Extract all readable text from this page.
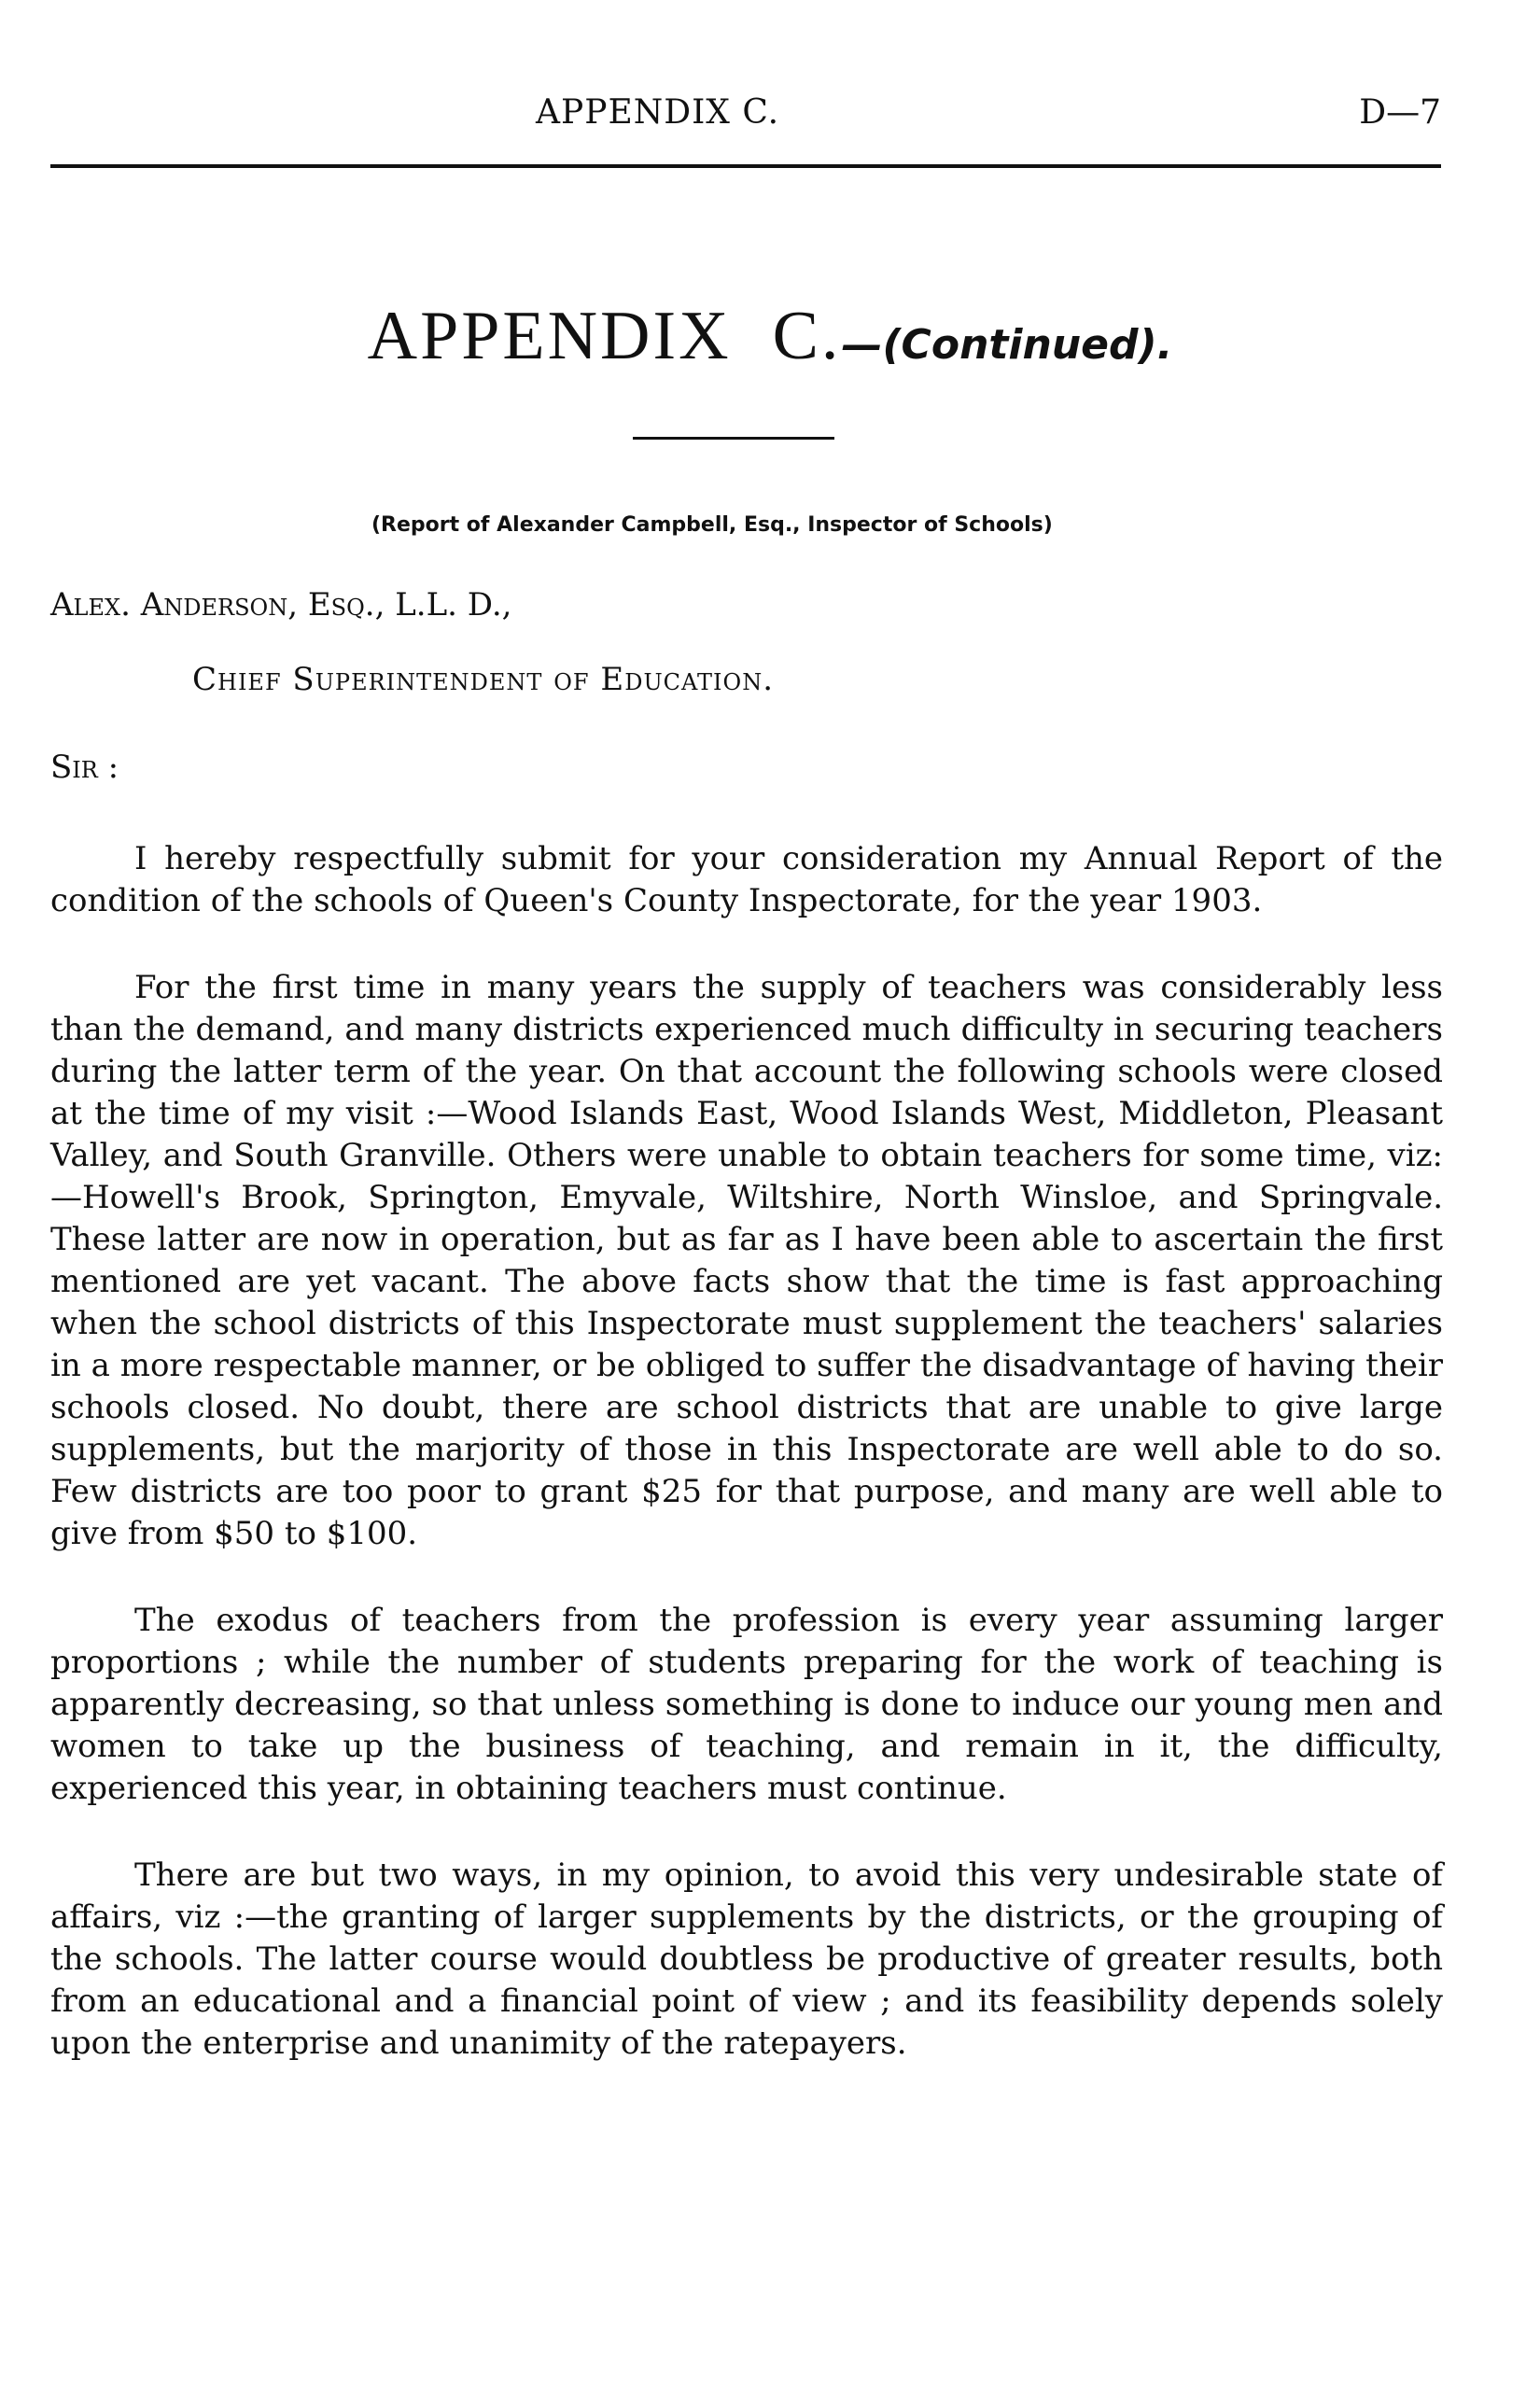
APPENDIX C.	D—7
APPENDIX C.—(Continued).
(Report of Alexander Campbell, Esq., Inspector of Schools)
Alex. Anderson, Esq., L.L. D.,
Chief Superintendent of Education.
Sir :

I hereby respectfully submit for your consideration my Annual Report of the condition of the schools of Queen's County Inspectorate, for the year 1903.

For the first time in many years the supply of teachers was considerably less than the demand, and many districts experienced much difficulty in securing teachers during the latter term of the year. On that account the following schools were closed at the time of my visit :—Wood Islands East, Wood Islands West, Middleton, Pleasant Valley, and South Granville. Others were unable to obtain teachers for some time, viz:—Howell's Brook, Springton, Emyvale, Wiltshire, North Winsloe, and Springvale. These latter are now in operation, but as far as I have been able to ascertain the first mentioned are yet vacant. The above facts show that the time is fast approaching when the school districts of this Inspectorate must supplement the teachers' salaries in a more respectable manner, or be obliged to suffer the disadvantage of having their schools closed. No doubt, there are school districts that are unable to give large supplements, but the marjority of those in this Inspectorate are well able to do so. Few districts are too poor to grant $25 for that purpose, and many are well able to give from $50 to $100.

The exodus of teachers from the profession is every year assuming larger proportions ; while the number of students preparing for the work of teaching is apparently decreasing, so that unless something is done to induce our young men and women to take up the business of teaching, and remain in it, the difficulty, experienced this year, in obtaining teachers must continue.

There are but two ways, in my opinion, to avoid this very undesirable state of affairs, viz :—the granting of larger supplements by the districts, or the grouping of the schools. The latter course would doubtless be productive of greater results, both from an educational and a financial point of view ; and its feasibility depends solely upon the enterprise and unanimity of the ratepayers.
